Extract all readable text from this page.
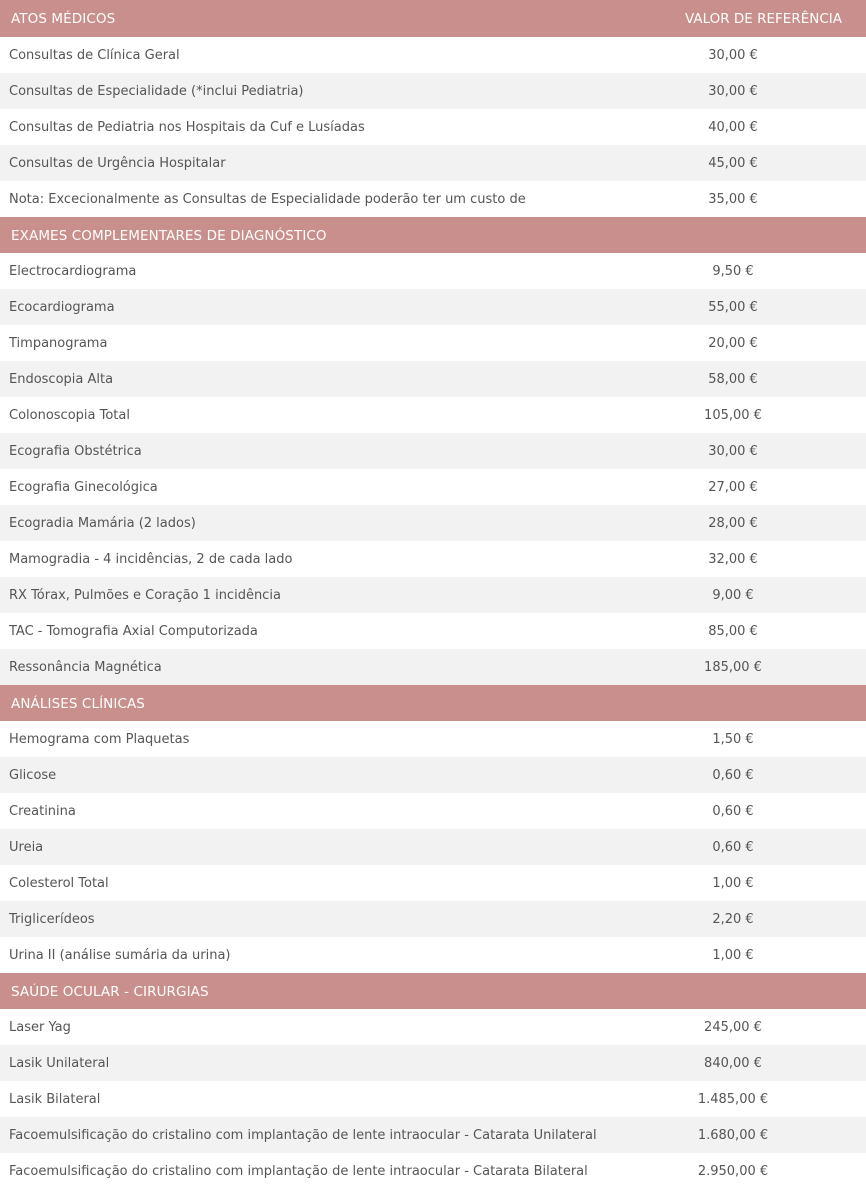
ATOS MÉDICOS	VALOR DE REFERÊNCIA
Consultas de Clínica Geral	30,00 €
Consultas de Especialidade (*inclui Pediatria)	30,00 €
Consultas de Pediatria nos Hospitais da Cuf e Lusíadas	40,00 €
Consultas de Urgência Hospitalar	45,00 €
Nota: Excecionalmente as Consultas de Especialidade poderão ter um custo de	35,00 €
EXAMES COMPLEMENTARES DE DIAGNÓSTICO
Electrocardiograma	9,50 €
Ecocardiograma	55,00 €
Timpanograma	20,00 €
Endoscopia Alta	58,00 €
Colonoscopia Total	105,00 €
Ecografia Obstétrica	30,00 €
Ecografia Ginecológica	27,00 €
Ecogradia Mamária (2 lados)	28,00 €
Mamogradia - 4 incidências, 2 de cada lado	32,00 €
RX Tórax, Pulmões e Coração 1 incidência	9,00 €
TAC - Tomografia Axial Computorizada	85,00 €
Ressonância Magnética	185,00 €
ANÁLISES CLÍNICAS
Hemograma com Plaquetas	1,50 €
Glicose	0,60 €
Creatinina	0,60 €
Ureia	0,60 €
Colesterol Total	1,00 €
Triglicerídeos	2,20 €
Urina II (análise sumária da urina)	1,00 €
SAÚDE OCULAR - CIRURGIAS
Laser Yag	245,00 €
Lasik Unilateral	840,00 €
Lasik Bilateral	1.485,00 €
Facoemulsificação do cristalino com implantação de lente intraocular - Catarata Unilateral	1.680,00 €
Facoemulsificação do cristalino com implantação de lente intraocular - Catarata Bilateral	2.950,00 €
